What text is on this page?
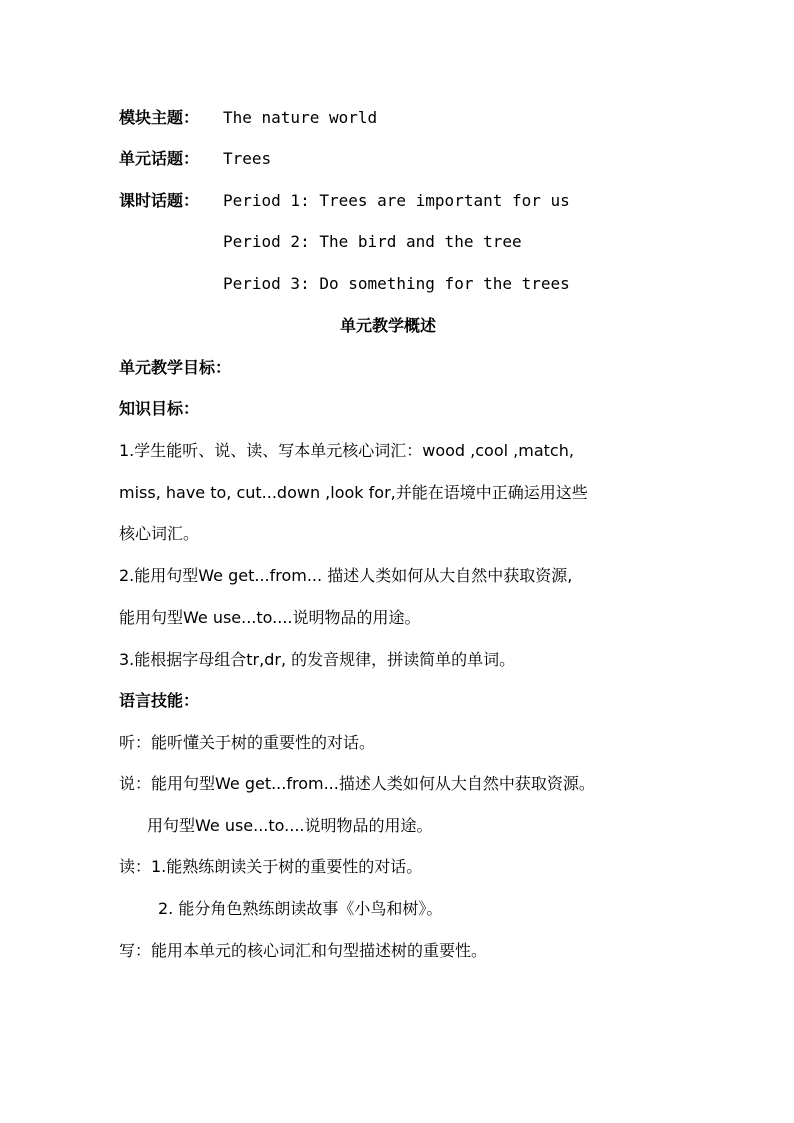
模块主题： The nature world
单元话题： Trees
课时话题： Period 1: Trees are important for us
Period 2: The bird and the tree
Period 3: Do something for the trees
单元教学概述
单元教学目标：
知识目标：
1.学生能听、说、读、写本单元核心词汇：wood ,cool ,match,
miss, have to, cut...down ,look for,并能在语境中正确运用这些
核心词汇。
2.能用句型We get...from... 描述人类如何从大自然中获取资源,
能用句型We use...to....说明物品的用途。
3.能根据字母组合tr,dr, 的发音规律，拼读简单的单词。
语言技能：
听：能听懂关于树的重要性的对话。
说：能用句型We get...from...描述人类如何从大自然中获取资源。
用句型We use...to....说明物品的用途。
读：1.能熟练朗读关于树的重要性的对话。
2. 能分角色熟练朗读故事《小鸟和树》。
写：能用本单元的核心词汇和句型描述树的重要性。
